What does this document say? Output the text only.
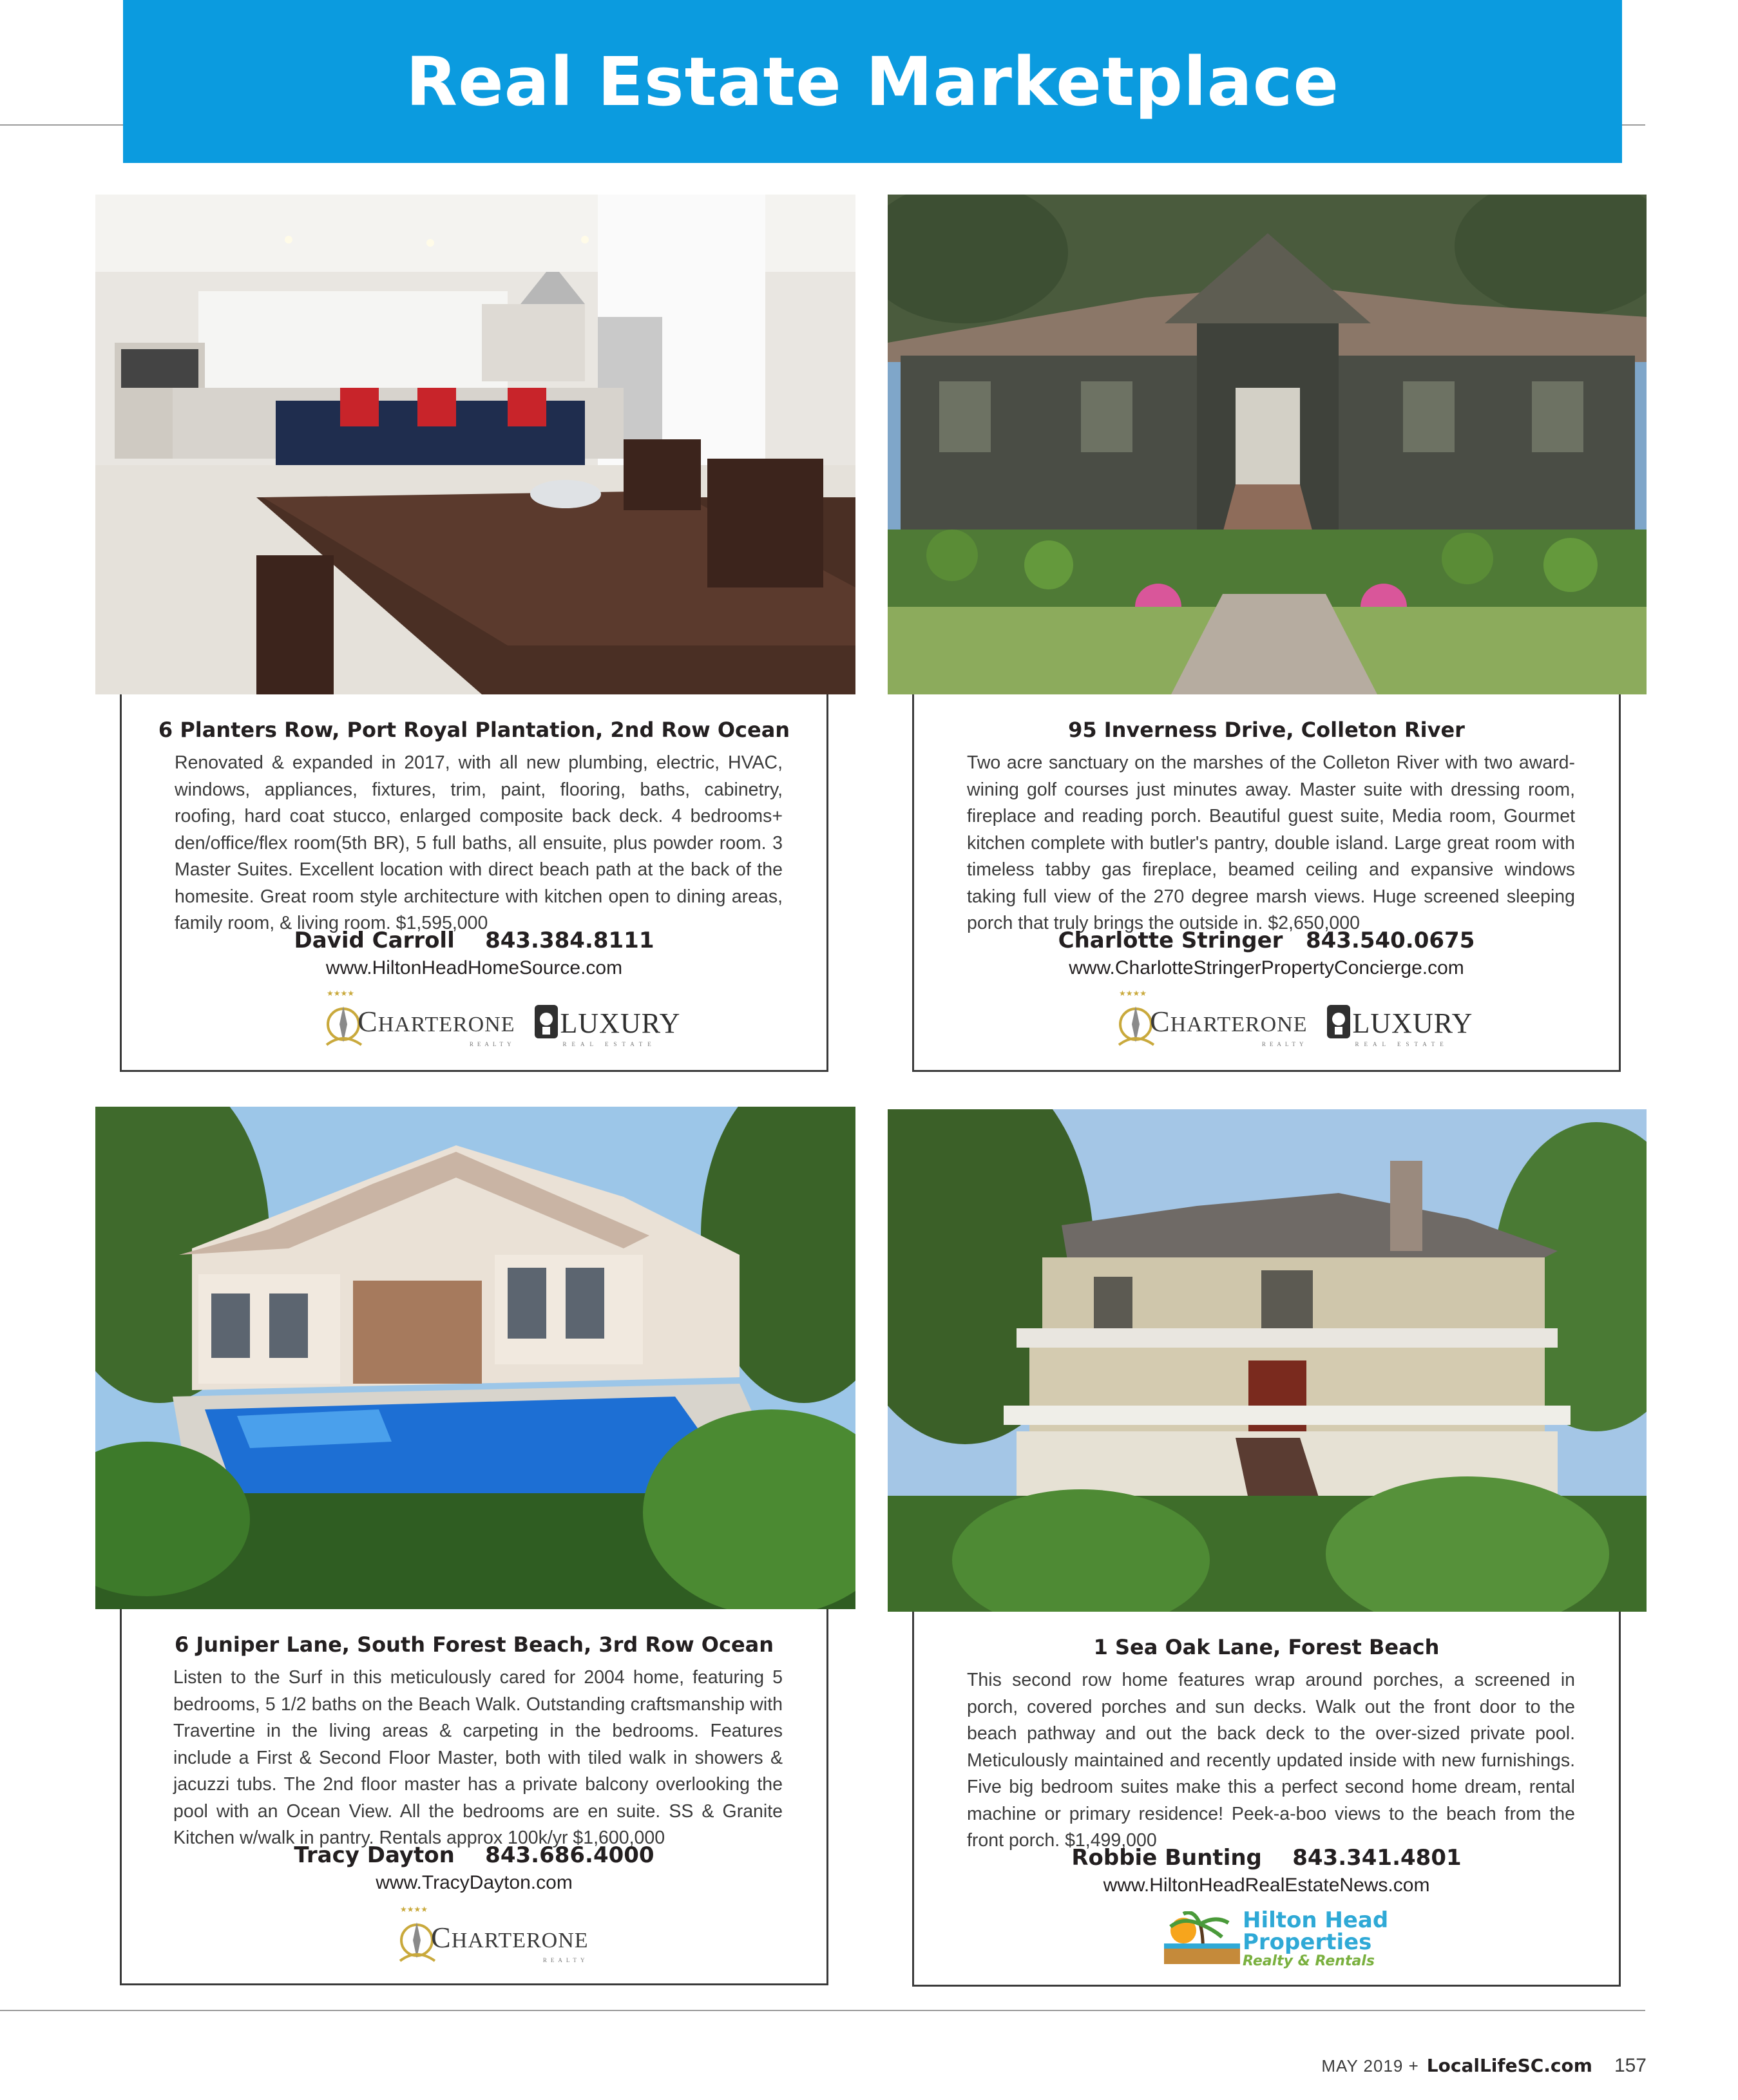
Real Estate Marketplace
6 Planters Row, Port Royal Plantation, 2nd Row Ocean
Renovated & expanded in 2017, with all new plumbing, electric, HVAC, windows, appliances, fixtures, trim, paint, flooring, baths, cabinetry, roofing, hard coat stucco, enlarged composite back deck. 4 bedrooms+ den/office/flex room(5th BR), 5 full baths, all ensuite, plus powder room. 3 Master Suites. Excellent location with direct beach path at the back of the homesite. Great room style architecture with kitchen open to dining areas, family room, & living room. $1,595,000
David Carroll    843.384.8111
www.HiltonHeadHomeSource.com
★★★★
CHARTERONE
REALTY
LUXURY
REAL ESTATE
95 Inverness Drive, Colleton River
Two acre sanctuary on the marshes of the Colleton River with two award-wining golf courses just minutes away. Master suite with dressing room, fireplace and reading porch. Beautiful guest suite, Media room, Gourmet kitchen complete with butler's pantry, double island. Large great room with timeless tabby gas fireplace, beamed ceiling and expansive windows taking full view of the 270 degree marsh views. Huge screened sleeping porch that truly brings the outside in. $2,650,000
Charlotte Stringer   843.540.0675
www.CharlotteStringerPropertyConcierge.com
★★★★
CHARTERONE
REALTY
LUXURY
REAL ESTATE
6 Juniper Lane, South Forest Beach, 3rd Row Ocean
Listen to the Surf in this meticulously cared for 2004 home, featuring 5 bedrooms, 5 1/2 baths on the Beach Walk. Outstanding craftsmanship with Travertine in the living areas & carpeting in the bedrooms. Features include a First & Second Floor Master, both with tiled walk in showers & jacuzzi tubs. The 2nd floor master has a private balcony overlooking the pool with an Ocean View. All the bedrooms are en suite. SS & Granite Kitchen w/walk in pantry. Rentals approx 100k/yr $1,600,000
Tracy Dayton    843.686.4000
www.TracyDayton.com
★★★★
CHARTERONE
REALTY
1 Sea Oak Lane, Forest Beach
This second row home features wrap around porches, a screened in porch, covered porches and sun decks. Walk out the front door to the beach pathway and out the back deck to the over-sized private pool. Meticulously maintained and recently updated inside with new furnishings. Five big bedroom suites make this a perfect second home dream, rental machine or primary residence! Peek-a-boo views to the beach from the front porch. $1,499,000
Robbie Bunting    843.341.4801
www.HiltonHeadRealEstateNews.com
Hilton Head
Properties
Realty & Rentals
MAY 2019 + LocalLifeSC.com 157
